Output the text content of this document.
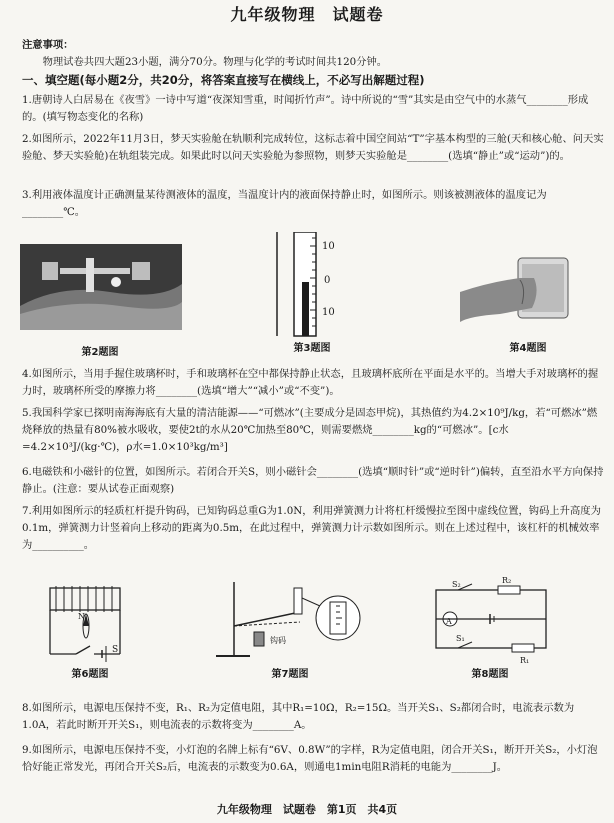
九年级物理　试题卷
注意事项：
物理试卷共四大题23小题，满分70分。物理与化学的考试时间共120分钟。
一、填空题(每小题2分，共20分，将答案直接写在横线上，不必写出解题过程)

1.唐朝诗人白居易在《夜雪》一诗中写道“夜深知雪重，时闻折竹声”。诗中所说的“雪”其实是由空气中的水蒸气________形成的。(填写物态变化的名称)

2.如图所示，2022年11月3日，梦天实验舱在轨顺利完成转位，这标志着中国空间站“T”字基本构型的三舱(天和核心舱、问天实验舱、梦天实验舱)在轨组装完成。如果此时以问天实验舱为参照物，则梦天实验舱是________(选填“静止”或“运动”)的。

3.利用液体温度计正确测量某待测液体的温度，当温度计内的液面保持静止时，如图所示。则该被测液体的温度记为________℃。

第2题图
10
0
10
第3题图	第4题图

4.如图所示，当用手握住玻璃杯时，手和玻璃杯在空中都保持静止状态，且玻璃杯底所在平面是水平的。当增大手对玻璃杯的握力时，玻璃杯所受的摩擦力将________(选填“增大”“减小”或“不变”)。

5.我国科学家已探明南海海底有大量的清洁能源——“可燃冰”(主要成分是固态甲烷)，其热值约为4.2×10⁹J/kg，若“可燃冰”燃烧释放的热量有80%被水吸收，要使2t的水从20℃加热至80℃，则需要燃烧________kg的“可燃冰”。[c水=4.2×10³J/(kg·℃)，ρ水=1.0×10³kg/m³]

6.电磁铁和小磁针的位置，如图所示。若闭合开关S，则小磁针会________(选填“顺时针”或“逆时针”)偏转，直至沿水平方向保持静止。(注意：要从试卷正面观察)

7.利用如图所示的轻质杠杆提升钩码，已知钩码总重G为1.0N，利用弹簧测力计将杠杆缓慢拉至图中虚线位置，钩码上升高度为0.1m，弹簧测力计竖着向上移动的距离为0.5m，在此过程中，弹簧测力计示数如图所示。则在上述过程中，该杠杆的机械效率为__________。

N
S
第6题图
钩码
第7题图
S₂	R₂
A
S₁
R₁
第8题图

8.如图所示，电源电压保持不变，R₁、R₂为定值电阻，其中R₁=10Ω，R₂=15Ω。当开关S₁、S₂都闭合时，电流表示数为1.0A，若此时断开开关S₁，则电流表的示数将变为________A。

9.如图所示，电源电压保持不变，小灯泡的名牌上标有“6V、0.8W”的字样，R为定值电阻，闭合开关S₁，断开开关S₂，小灯泡恰好能正常发光，再闭合开关S₂后，电流表的示数变为0.6A，则通电1min电阻R消耗的电能为________J。

九年级物理　试题卷　第1页　共4页
